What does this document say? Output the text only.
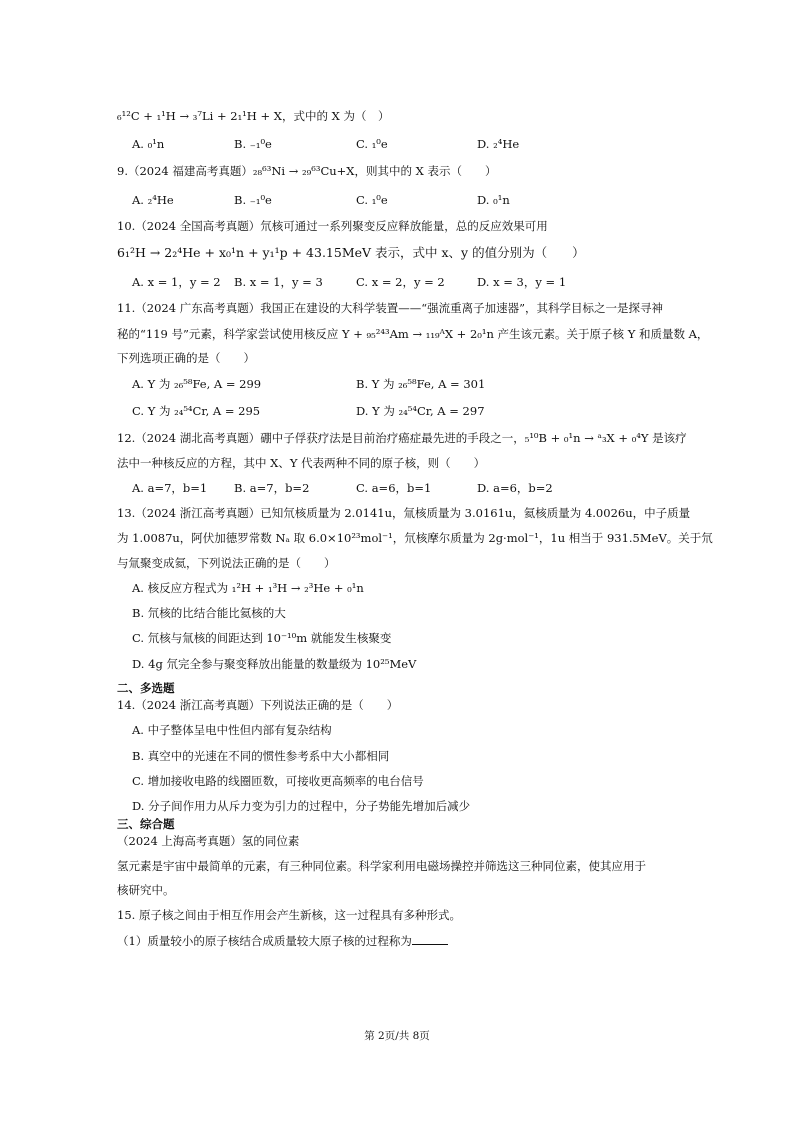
₆¹²C + ₁¹H → ₃⁷Li + 2₁¹H + X，式中的 X 为（　）
A. ₀¹n	B. ₋₁⁰e	C. ₁⁰e	D. ₂⁴He
9.（2024 福建高考真题）₂₈⁶³Ni → ₂₉⁶³Cu+X，则其中的 X 表示（　　）
A. ₂⁴He	B. ₋₁⁰e	C. ₁⁰e	D. ₀¹n
10.（2024 全国高考真题）氘核可通过一系列聚变反应释放能量，总的反应效果可用
6₁²H → 2₂⁴He + x₀¹n + y₁¹p + 43.15MeV 表示，式中 x、y 的值分别为（　　）
A. x = 1，y = 2 B. x = 1，y = 3	C. x = 2，y = 2	D. x = 3，y = 1
11.（2024 广东高考真题）我国正在建设的大科学装置——“强流重离子加速器”，其科学目标之一是探寻神
秘的“119 号”元素，科学家尝试使用核反应 Y + ₉₅²⁴³Am → ₁₁₉ᴬX + 2₀¹n 产生该元素。关于原子核 Y 和质量数 A，
下列选项正确的是（　　）
A. Y 为 ₂₆⁵⁸Fe, A = 299	B. Y 为 ₂₆⁵⁸Fe, A = 301
C. Y 为 ₂₄⁵⁴Cr, A = 295	D. Y 为 ₂₄⁵⁴Cr, A = 297
12.（2024 湖北高考真题）硼中子俘获疗法是目前治疗癌症最先进的手段之一，₅¹⁰B + ₀¹n → ᵃ₃X + ₀⁴Y 是该疗
法中一种核反应的方程，其中 X、Y 代表两种不同的原子核，则（　　）
A. a=7，b=1 B. a=7，b=2	C. a=6，b=1	D. a=6，b=2
13.（2024 浙江高考真题）已知氘核质量为 2.0141u，氚核质量为 3.0161u，氦核质量为 4.0026u，中子质量
为 1.0087u，阿伏加德罗常数 Nₐ 取 6.0×10²³mol⁻¹，氘核摩尔质量为 2g·mol⁻¹，1u 相当于 931.5MeV。关于氘
与氚聚变成氦，下列说法正确的是（　　）
A. 核反应方程式为 ₁²H + ₁³H → ₂³He + ₀¹n
B. 氘核的比结合能比氦核的大
C. 氘核与氚核的间距达到 10⁻¹⁰m 就能发生核聚变
D. 4g 氘完全参与聚变释放出能量的数量级为 10²⁵MeV
二、多选题
14.（2024 浙江高考真题）下列说法正确的是（　　）
A. 中子整体呈电中性但内部有复杂结构
B. 真空中的光速在不同的惯性参考系中大小都相同
C. 增加接收电路的线圈匝数，可接收更高频率的电台信号
D. 分子间作用力从斥力变为引力的过程中，分子势能先增加后减少
三、综合题
（2024 上海高考真题）氢的同位素
氢元素是宇宙中最简单的元素，有三种同位素。科学家利用电磁场操控并筛选这三种同位素，使其应用于
核研究中。
15. 原子核之间由于相互作用会产生新核，这一过程具有多种形式。
（1）质量较小的原子核结合成质量较大原子核的过程称为
第 2页/共 8页
